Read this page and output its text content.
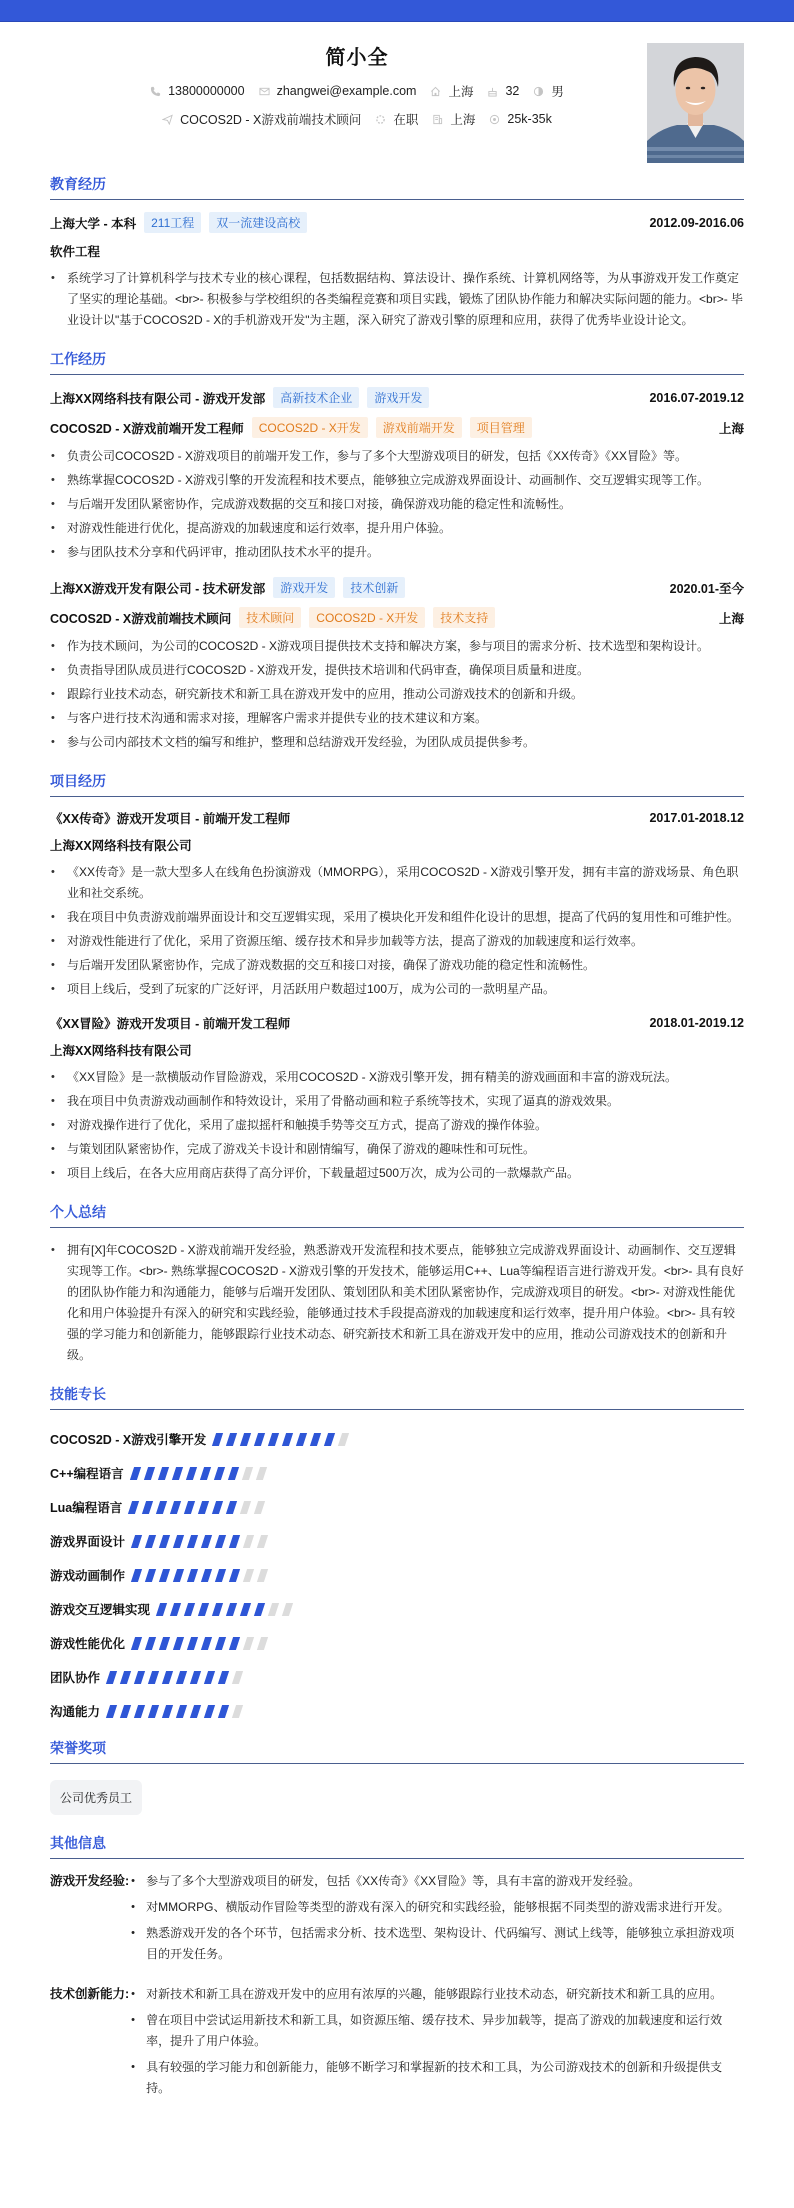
简小全
13800000000	zhangwei@example.com	上海	32	男
COCOS2D - X游戏前端技术顾问	在职	上海	25k-35k
教育经历
上海大学 - 本科	211工程	双一流建设高校	2012.09-2016.06
软件工程
• 系统学习了计算机科学与技术专业的核心课程，包括数据结构、算法设计、操作系统、计算机网络等，为从事游戏开发工作奠定了坚实的理论基础。<br>- 积极参与学校组织的各类编程竞赛和项目实践，锻炼了团队协作能力和解决实际问题的能力。<br>- 毕业设计以"基于COCOS2D - X的手机游戏开发"为主题，深入研究了游戏引擎的原理和应用，获得了优秀毕业设计论文。
工作经历
上海XX网络科技有限公司 - 游戏开发部	高新技术企业	游戏开发	2016.07-2019.12
COCOS2D - X游戏前端开发工程师	COCOS2D - X开发	游戏前端开发	项目管理	上海
• 负责公司COCOS2D - X游戏项目的前端开发工作，参与了多个大型游戏项目的研发，包括《XX传奇》《XX冒险》等。
• 熟练掌握COCOS2D - X游戏引擎的开发流程和技术要点，能够独立完成游戏界面设计、动画制作、交互逻辑实现等工作。
• 与后端开发团队紧密协作，完成游戏数据的交互和接口对接，确保游戏功能的稳定性和流畅性。
• 对游戏性能进行优化，提高游戏的加载速度和运行效率，提升用户体验。
• 参与团队技术分享和代码评审，推动团队技术水平的提升。
上海XX游戏开发有限公司 - 技术研发部	游戏开发	技术创新	2020.01-至今
COCOS2D - X游戏前端技术顾问	技术顾问	COCOS2D - X开发	技术支持	上海
• 作为技术顾问，为公司的COCOS2D - X游戏项目提供技术支持和解决方案，参与项目的需求分析、技术选型和架构设计。
• 负责指导团队成员进行COCOS2D - X游戏开发，提供技术培训和代码审查，确保项目质量和进度。
• 跟踪行业技术动态，研究新技术和新工具在游戏开发中的应用，推动公司游戏技术的创新和升级。
• 与客户进行技术沟通和需求对接，理解客户需求并提供专业的技术建议和方案。
• 参与公司内部技术文档的编写和维护，整理和总结游戏开发经验，为团队成员提供参考。
项目经历
《XX传奇》游戏开发项目 - 前端开发工程师	2017.01-2018.12
上海XX网络科技有限公司
• 《XX传奇》是一款大型多人在线角色扮演游戏（MMORPG），采用COCOS2D - X游戏引擎开发，拥有丰富的游戏场景、角色职业和社交系统。
• 我在项目中负责游戏前端界面设计和交互逻辑实现，采用了模块化开发和组件化设计的思想，提高了代码的复用性和可维护性。
• 对游戏性能进行了优化，采用了资源压缩、缓存技术和异步加载等方法，提高了游戏的加载速度和运行效率。
• 与后端开发团队紧密协作，完成了游戏数据的交互和接口对接，确保了游戏功能的稳定性和流畅性。
• 项目上线后，受到了玩家的广泛好评，月活跃用户数超过100万，成为公司的一款明星产品。
《XX冒险》游戏开发项目 - 前端开发工程师	2018.01-2019.12
上海XX网络科技有限公司
• 《XX冒险》是一款横版动作冒险游戏，采用COCOS2D - X游戏引擎开发，拥有精美的游戏画面和丰富的游戏玩法。
• 我在项目中负责游戏动画制作和特效设计，采用了骨骼动画和粒子系统等技术，实现了逼真的游戏效果。
• 对游戏操作进行了优化，采用了虚拟摇杆和触摸手势等交互方式，提高了游戏的操作体验。
• 与策划团队紧密协作，完成了游戏关卡设计和剧情编写，确保了游戏的趣味性和可玩性。
• 项目上线后，在各大应用商店获得了高分评价，下载量超过500万次，成为公司的一款爆款产品。
个人总结
• 拥有[X]年COCOS2D - X游戏前端开发经验，熟悉游戏开发流程和技术要点，能够独立完成游戏界面设计、动画制作、交互逻辑实现等工作。<br>- 熟练掌握COCOS2D - X游戏引擎的开发技术，能够运用C++、Lua等编程语言进行游戏开发。<br>- 具有良好的团队协作能力和沟通能力，能够与后端开发团队、策划团队和美术团队紧密协作，完成游戏项目的研发。<br>- 对游戏性能优化和用户体验提升有深入的研究和实践经验，能够通过技术手段提高游戏的加载速度和运行效率，提升用户体验。<br>- 具有较强的学习能力和创新能力，能够跟踪行业技术动态、研究新技术和新工具在游戏开发中的应用，推动公司游戏技术的创新和升级。
技能专长
COCOS2D - X游戏引擎开发
C++编程语言
Lua编程语言
游戏界面设计
游戏动画制作
游戏交互逻辑实现
游戏性能优化
团队协作
沟通能力
荣誉奖项
公司优秀员工
其他信息
游戏开发经验:	• 参与了多个大型游戏项目的研发，包括《XX传奇》《XX冒险》等，具有丰富的游戏开发经验。
• 对MMORPG、横版动作冒险等类型的游戏有深入的研究和实践经验，能够根据不同类型的游戏需求进行开发。
• 熟悉游戏开发的各个环节，包括需求分析、技术选型、架构设计、代码编写、测试上线等，能够独立承担游戏项目的开发任务。
技术创新能力:	• 对新技术和新工具在游戏开发中的应用有浓厚的兴趣，能够跟踪行业技术动态，研究新技术和新工具的应用。
• 曾在项目中尝试运用新技术和新工具，如资源压缩、缓存技术、异步加载等，提高了游戏的加载速度和运行效率，提升了用户体验。
• 具有较强的学习能力和创新能力，能够不断学习和掌握新的技术和工具，为公司游戏技术的创新和升级提供支持。
